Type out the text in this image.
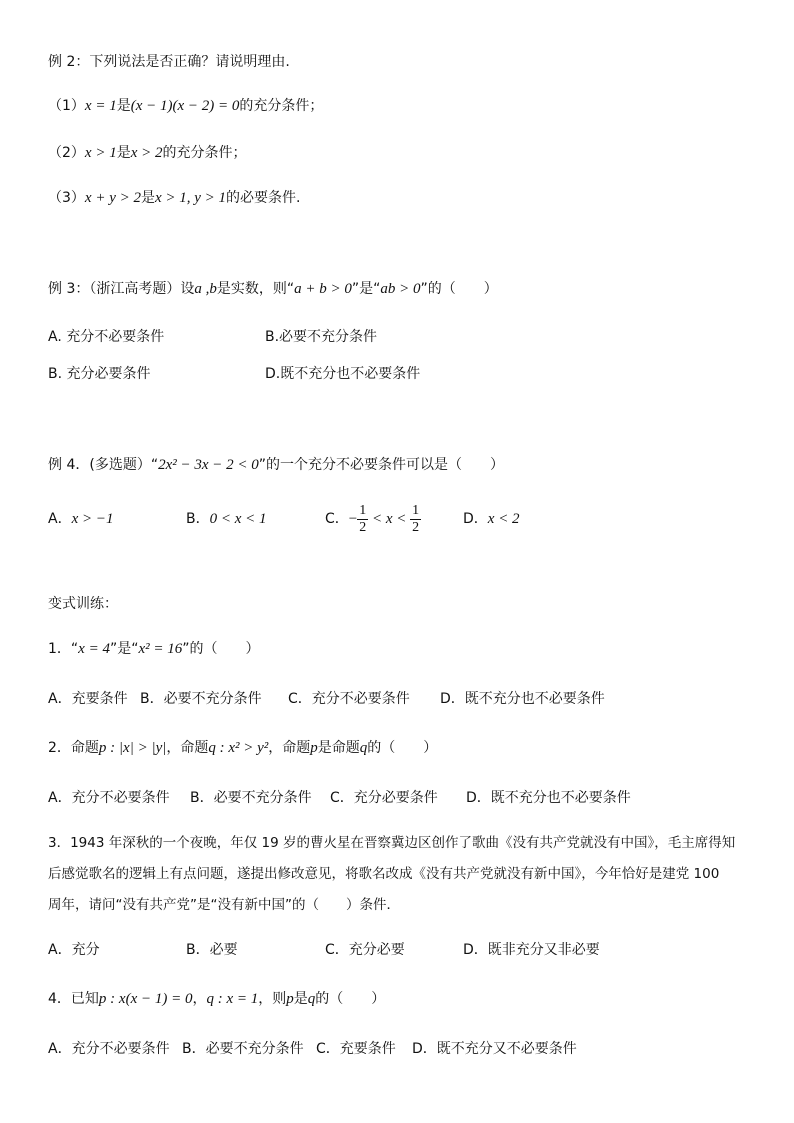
例 2：下列说法是否正确？请说明理由.
（1）x = 1是(x − 1)(x − 2) = 0的充分条件；
（2）x > 1是x > 2的充分条件；
（3）x + y > 2是x > 1, y > 1的必要条件.
例 3：（浙江高考题）设a ,b是实数，则“a + b > 0”是“ab > 0”的（　　）
A. 充分不必要条件	B.必要不充分条件
B. 充分必要条件	D.既不充分也不必要条件
例 4．(多选题）“2x² − 3x − 2 < 0”的一个充分不必要条件可以是（　　）
A．x > −1	B．0 < x < 1	C．− $\frac{1}{2} < x < \frac{1}{2}$	D．x < 2
变式训练：
1．“x = 4”是“x² = 16”的（　　）
A．充要条件 B．必要不充分条件 C．充分不必要条件 D．既不充分也不必要条件
2．命题p : |x| > |y|，命题q : x² > y²，命题p是命题q的（　　）
A．充分不必要条件 B．必要不充分条件 C．充分必要条件 D．既不充分也不必要条件
3．1943 年深秋的一个夜晚，年仅 19 岁的曹火星在晋察冀边区创作了歌曲《没有共产党就没有中国》，毛主席得知
后感觉歌名的逻辑上有点问题，遂提出修改意见，将歌名改成《没有共产党就没有新中国》，今年恰好是建党 100
周年，请问“没有共产党”是“没有新中国”的（　　）条件．
A．充分	B．必要	C．充分必要	D．既非充分又非必要
4．已知p : x(x − 1) = 0，q : x = 1，则p是q的（　　）
A．充分不必要条件 B．必要不充分条件 C．充要条件 D．既不充分又不必要条件
